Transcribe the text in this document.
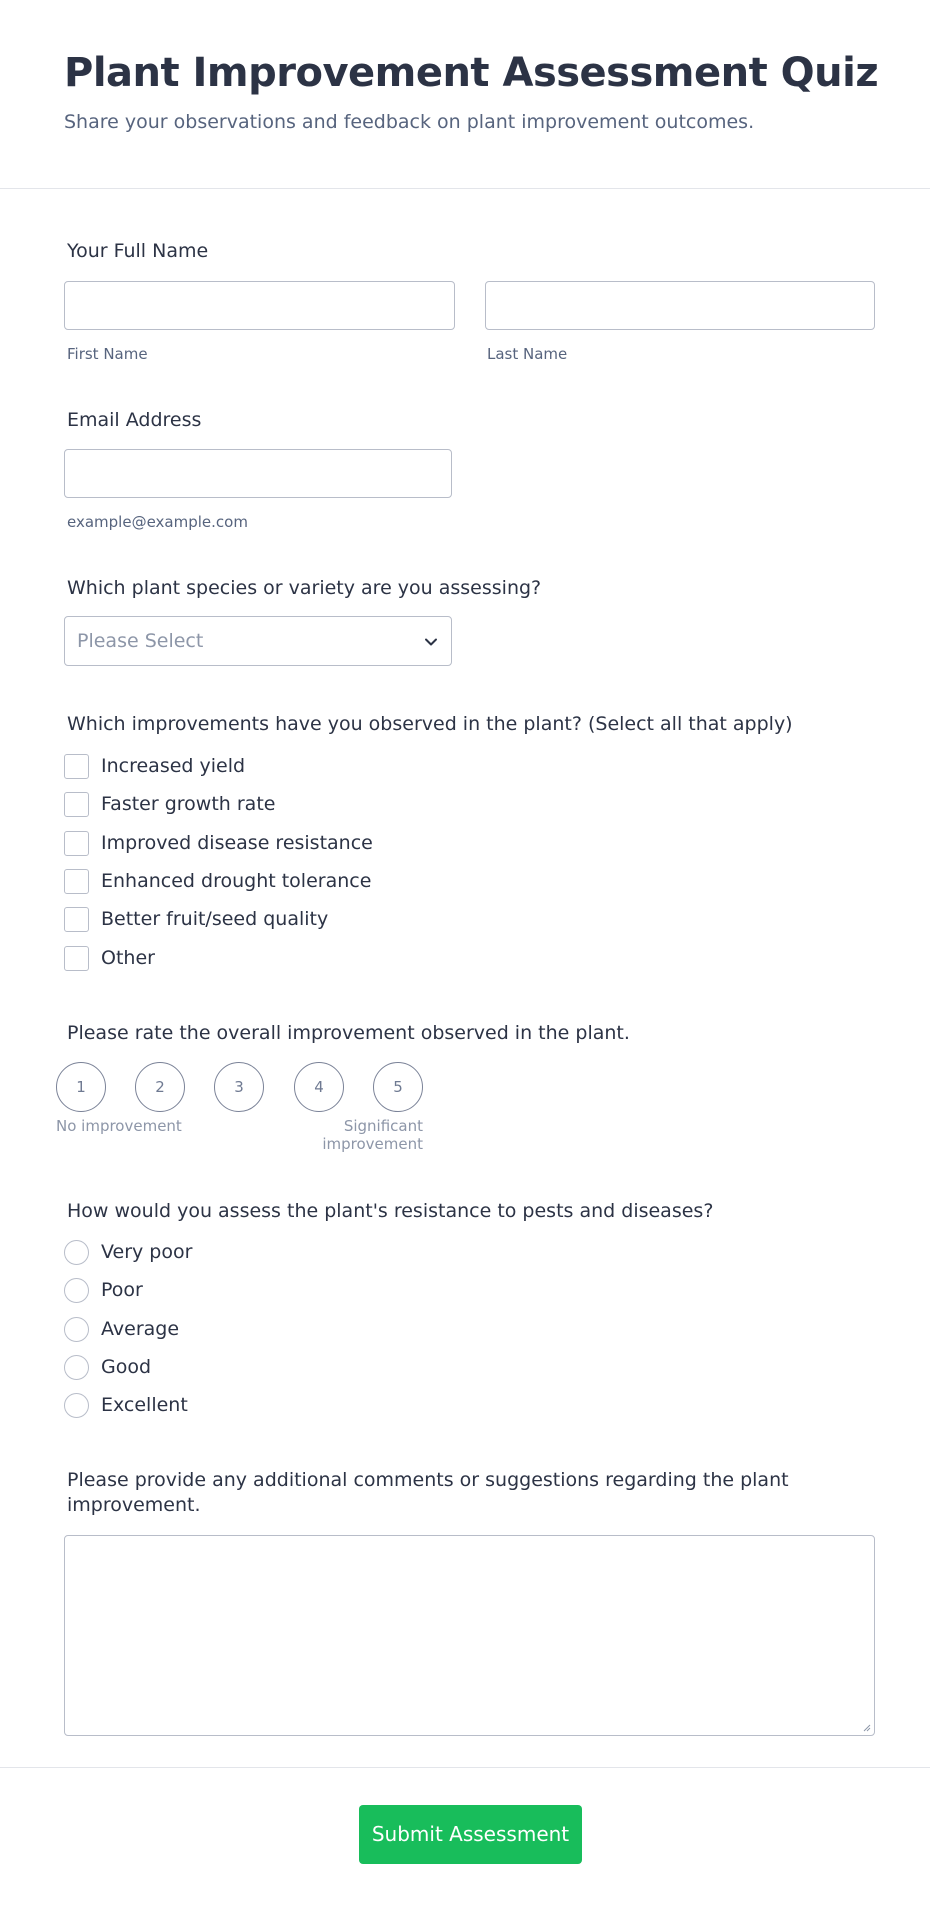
Plant Improvement Assessment Quiz
Share your observations and feedback on plant improvement outcomes.
Your Full Name
First Name	Last Name
Email Address
example@example.com
Which plant species or variety are you assessing?
Please Select
Which improvements have you observed in the plant? (Select all that apply)
Increased yield
Faster growth rate
Improved disease resistance
Enhanced drought tolerance
Better fruit/seed quality
Other
Please rate the overall improvement observed in the plant.
1	2	3	4	5
No improvement	Significant
improvement
How would you assess the plant's resistance to pests and diseases?
Very poor
Poor
Average
Good
Excellent
Please provide any additional comments or suggestions regarding the plant
improvement.
Submit Assessment
